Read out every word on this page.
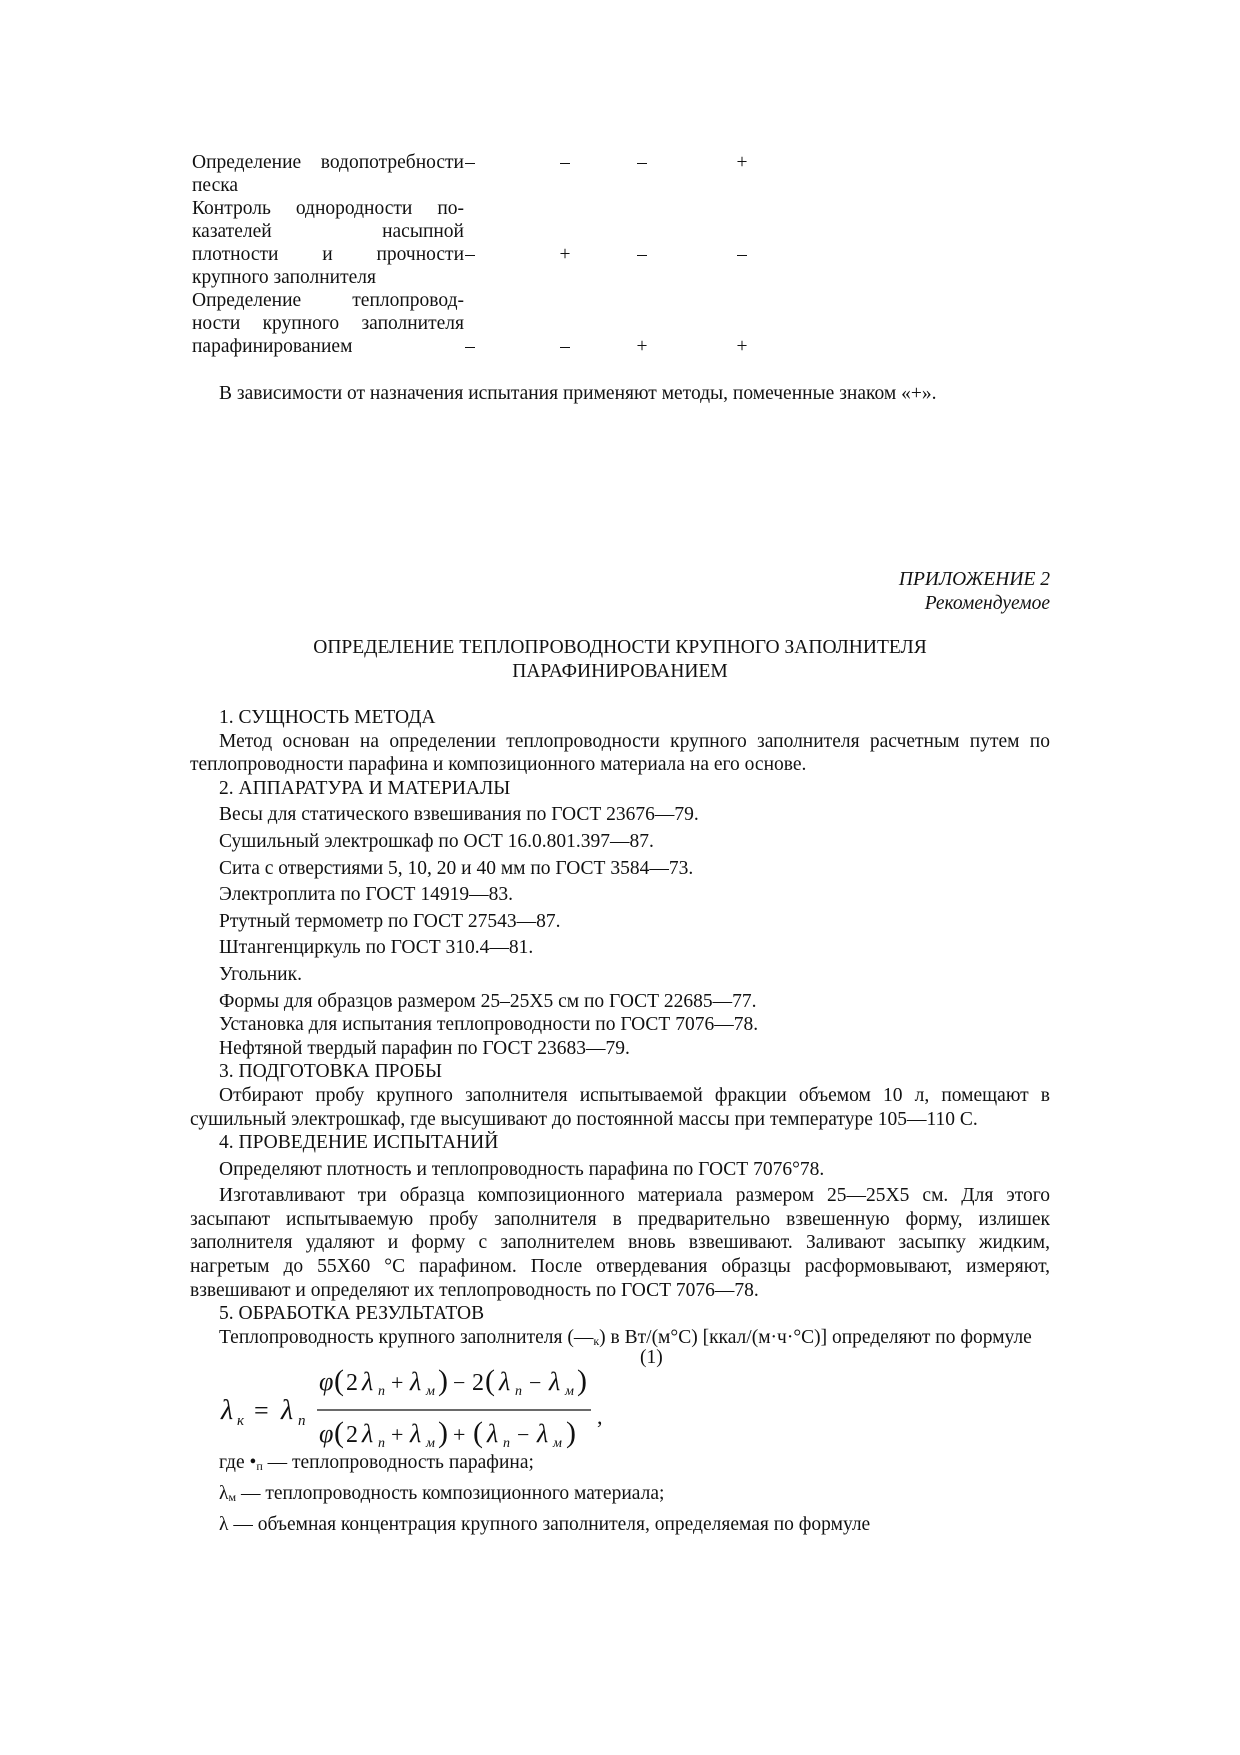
Определение водопотребности
песка
–	–	–	+
Контроль однородности по-
казателей насыпной
плотности и прочности
крупного заполнителя
–	+	–	–
Определение теплопровод-
ности крупного заполнителя
парафинированием	–	–	+	+
В зависимости от назначения испытания применяют методы, помеченные знаком «+».
ПРИЛОЖЕНИЕ 2
Рекомендуемое
ОПРЕДЕЛЕНИЕ ТЕПЛОПРОВОДНОСТИ КРУПНОГО ЗАПОЛНИТЕЛЯ
ПАРАФИНИРОВАНИЕМ

1. СУЩНОСТЬ МЕТОДА

Метод основан на определении теплопроводности крупного заполнителя расчетным путем по теплопроводности парафина и композиционного материала на его основе.

2. АППАРАТУРА И МАТЕРИАЛЫ

Весы для статического взвешивания по ГОСТ 23676—79.

Сушильный электрошкаф по ОСТ 16.0.801.397—87.

Сита с отверстиями 5, 10, 20 и 40 мм по ГОСТ 3584—73.

Электроплита по ГОСТ 14919—83.

Ртутный термометр по ГОСТ 27543—87.

Штангенциркуль по ГОСТ 310.4—81.

Угольник.

Формы для образцов размером 25–25Х5 см по ГОСТ 22685—77.

Установка для испытания теплопроводности по ГОСТ 7076—78.

Нефтяной твердый парафин по ГОСТ 23683—79.

3. ПОДГОТОВКА ПРОБЫ

Отбирают пробу крупного заполнителя испытываемой фракции объемом 10 л, помещают в сушильный электрошкаф, где высушивают до постоянной массы при температуре 105—110 С.

4. ПРОВЕДЕНИЕ ИСПЫТАНИЙ

Определяют плотность и теплопроводность парафина по ГОСТ 7076°78.

Изготавливают три образца композиционного материала размером 25—25Х5 см. Для этого засыпают испытываемую пробу заполнителя в предварительно взвешенную форму, излишек заполнителя удаляют и форму с заполнителем вновь взвешивают. Заливают засыпку жидким, нагретым до 55Х60 °С парафином. После отвердевания образцы расформовывают, измеряют, взвешивают и определяют их теплопроводность по ГОСТ 7076—78.

5. ОБРАБОТКА РЕЗУЛЬТАТОВ

Теплопроводность крупного заполнителя (—к) в Вт/(м°С) [ккал/(м·ч·°С)] определяют по формуле

(1)
λ к = λ п
φ ( 2 λ п + λ м ) − 2 ( λ п − λ м )
φ ( 2 λ п + λ м ) + ( λ п − λ м ) ,
где •п — теплопроводность парафина;
λм — теплопроводность композиционного материала;
λ — объемная концентрация крупного заполнителя, определяемая по формуле
